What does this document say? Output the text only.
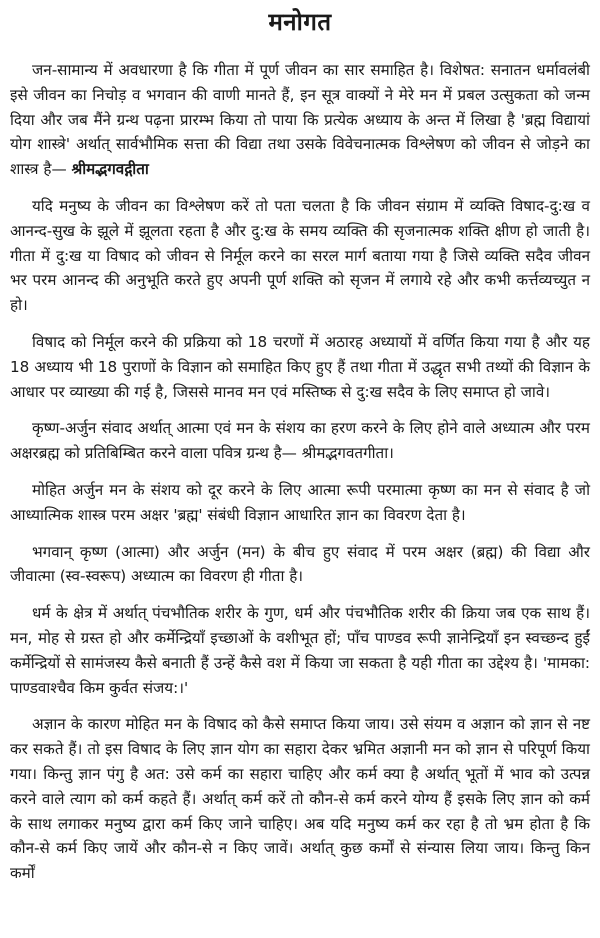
मनोगत

जन-सामान्य में अवधारणा है कि गीता में पूर्ण जीवन का सार समाहित है। विशेषत: सनातन धर्मावलंबी इसे जीवन का निचोड़ व भगवान की वाणी मानते हैं, इन सूत्र वाक्यों ने मेरे मन में प्रबल उत्सुकता को जन्म दिया और जब मैंने ग्रन्थ पढ़ना प्रारम्भ किया तो पाया कि प्रत्येक अध्याय के अन्त में लिखा है 'ब्रह्म विद्यायां योग शास्त्रे' अर्थात् सार्वभौमिक सत्ता की विद्या तथा उसके विवेचनात्मक विश्लेषण को जीवन से जोड़ने का शास्त्र है— श्रीमद्भगवद्गीता

यदि मनुष्य के जीवन का विश्लेषण करें तो पता चलता है कि जीवन संग्राम में व्यक्ति विषाद-दु:ख व आनन्द-सुख के झूले में झूलता रहता है और दु:ख के समय व्यक्ति की सृजनात्मक शक्ति क्षीण हो जाती है। गीता में दु:ख या विषाद को जीवन से निर्मूल करने का सरल मार्ग बताया गया है जिसे व्यक्ति सदैव जीवन भर परम आनन्द की अनुभूति करते हुए अपनी पूर्ण शक्ति को सृजन में लगाये रहे और कभी कर्त्तव्यच्युत न हो।

विषाद को निर्मूल करने की प्रक्रिया को 18 चरणों में अठारह अध्यायों में वर्णित किया गया है और यह 18 अध्याय भी 18 पुराणों के विज्ञान को समाहित किए हुए हैं तथा गीता में उद्धृत सभी तथ्यों की विज्ञान के आधार पर व्याख्या की गई है, जिससे मानव मन एवं मस्तिष्क से दु:ख सदैव के लिए समाप्त हो जावे।

कृष्ण-अर्जुन संवाद अर्थात् आत्मा एवं मन के संशय का हरण करने के लिए होने वाले अध्यात्म और परम अक्षरब्रह्म को प्रतिबिम्बित करने वाला पवित्र ग्रन्थ है— श्रीमद्भगवतगीता।

मोहित अर्जुन मन के संशय को दूर करने के लिए आत्मा रूपी परमात्मा कृष्ण का मन से संवाद है जो आध्यात्मिक शास्त्र परम अक्षर 'ब्रह्म' संबंधी विज्ञान आधारित ज्ञान का विवरण देता है।

भगवान् कृष्ण (आत्मा) और अर्जुन (मन) के बीच हुए संवाद में परम अक्षर (ब्रह्म) की विद्या और जीवात्मा (स्व-स्वरूप) अध्यात्म का विवरण ही गीता है।

धर्म के क्षेत्र में अर्थात् पंचभौतिक शरीर के गुण, धर्म और पंचभौतिक शरीर की क्रिया जब एक साथ हैं। मन, मोह से ग्रस्त हो और कर्मेन्द्रियाँ इच्छाओं के वशीभूत हों; पाँच पाण्डव रूपी ज्ञानेन्द्रियाँ इन स्वच्छन्द हुईं कर्मेन्द्रियों से सामंजस्य कैसे बनाती हैं उन्हें कैसे वश में किया जा सकता है यही गीता का उद्देश्य है। 'मामका: पाण्डवाश्चैव किम कुर्वत संजय:।'

अज्ञान के कारण मोहित मन के विषाद को कैसे समाप्त किया जाय। उसे संयम व अज्ञान को ज्ञान से नष्ट कर सकते हैं। तो इस विषाद के लिए ज्ञान योग का सहारा देकर भ्रमित अज्ञानी मन को ज्ञान से परिपूर्ण किया गया। किन्तु ज्ञान पंगु है अत: उसे कर्म का सहारा चाहिए और कर्म क्या है अर्थात् भूतों में भाव को उत्पन्न करने वाले त्याग को कर्म कहते हैं। अर्थात् कर्म करें तो कौन-से कर्म करने योग्य हैं इसके लिए ज्ञान को कर्म के साथ लगाकर मनुष्य द्वारा कर्म किए जाने चाहिए। अब यदि मनुष्य कर्म कर रहा है तो भ्रम होता है कि कौन-से कर्म किए जायें और कौन-से न किए जावें। अर्थात् कुछ कर्मों से संन्यास लिया जाय। किन्तु किन कर्मों
